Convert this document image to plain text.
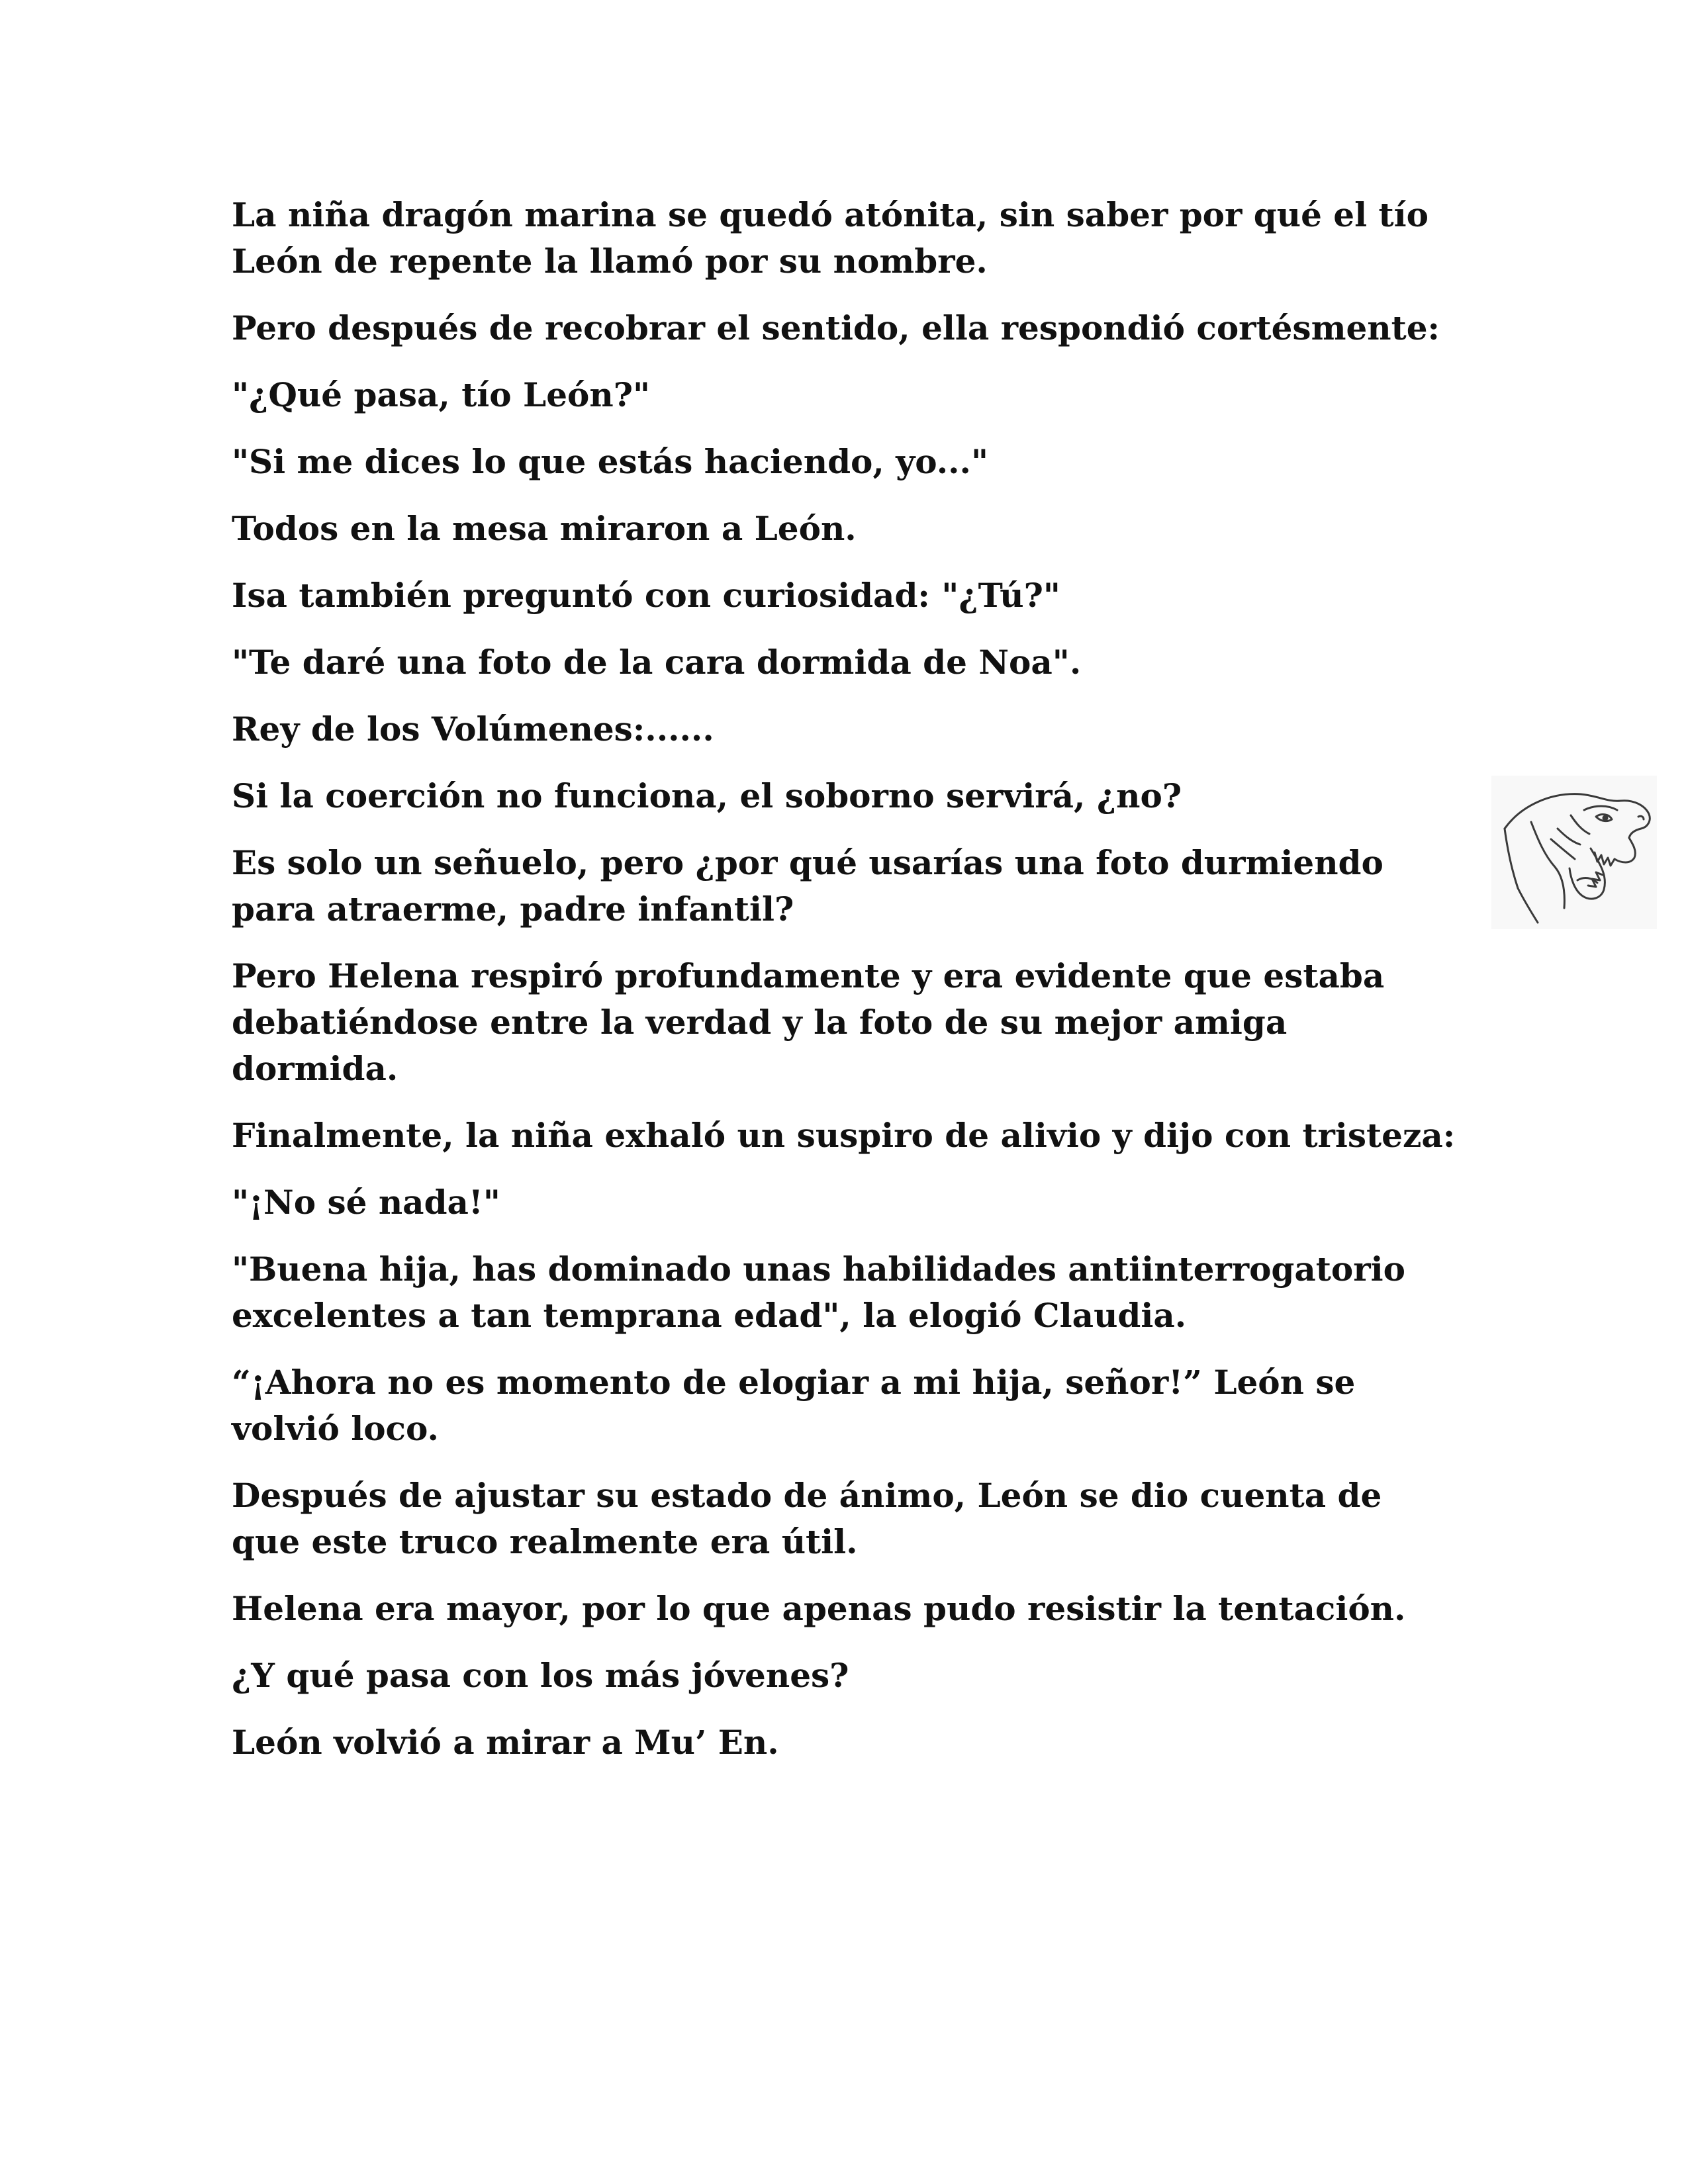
La niña dragón marina se quedó atónita, sin saber por qué el tío León de repente la llamó por su nombre.

Pero después de recobrar el sentido, ella respondió cortésmente:

"¿Qué pasa, tío León?"

"Si me dices lo que estás haciendo, yo..."

Todos en la mesa miraron a León.

Isa también preguntó con curiosidad: "¿Tú?"

"Te daré una foto de la cara dormida de Noa".

Rey de los Volúmenes:......

Si la coerción no funciona, el soborno servirá, ¿no?

Es solo un señuelo, pero ¿por qué usarías una foto durmiendo para atraerme, padre infantil?

Pero Helena respiró profundamente y era evidente que estaba debatiéndose entre la verdad y la foto de su mejor amiga dormida.

Finalmente, la niña exhaló un suspiro de alivio y dijo con tristeza:

"¡No sé nada!"

"Buena hija, has dominado unas habilidades antiinterrogatorio excelentes a tan temprana edad", la elogió Claudia.

“¡Ahora no es momento de elogiar a mi hija, señor!” León se volvió loco.

Después de ajustar su estado de ánimo, León se dio cuenta de que este truco realmente era útil.

Helena era mayor, por lo que apenas pudo resistir la tentación.

¿Y qué pasa con los más jóvenes?

León volvió a mirar a Mu’ En.
